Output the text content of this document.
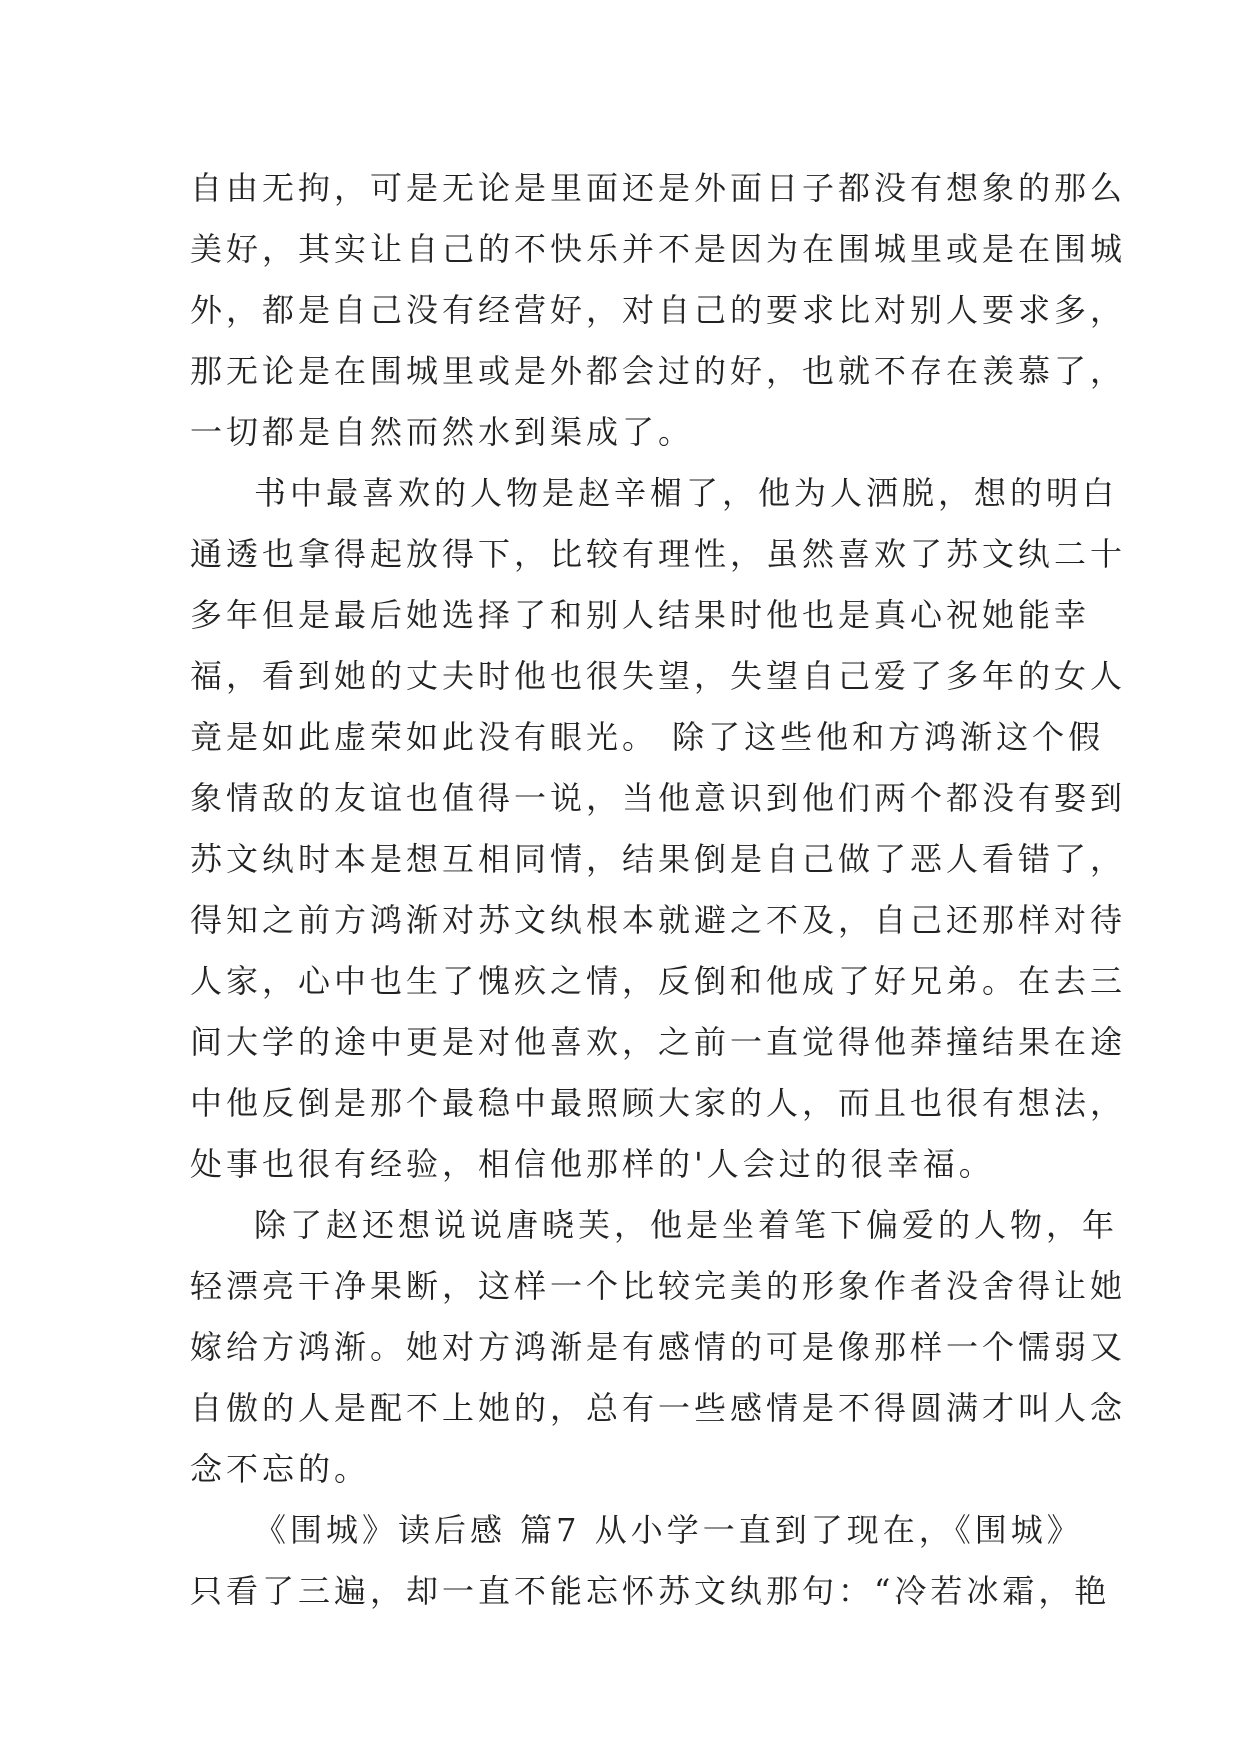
自由无拘，可是无论是里面还是外面日子都没有想象的那么
美好，其实让自己的不快乐并不是因为在围城里或是在围城
外，都是自己没有经营好，对自己的要求比对别人要求多，
那无论是在围城里或是外都会过的好，也就不存在羡慕了，
一切都是自然而然水到渠成了。
书中最喜欢的人物是赵辛楣了，他为人洒脱，想的明白
通透也拿得起放得下，比较有理性，虽然喜欢了苏文纨二十
多年但是最后她选择了和别人结果时他也是真心祝她能幸
福，看到她的丈夫时他也很失望，失望自己爱了多年的女人
竟是如此虚荣如此没有眼光。 除了这些他和方鸿渐这个假
象情敌的友谊也值得一说，当他意识到他们两个都没有娶到
苏文纨时本是想互相同情，结果倒是自己做了恶人看错了，
得知之前方鸿渐对苏文纨根本就避之不及，自己还那样对待
人家，心中也生了愧疚之情，反倒和他成了好兄弟。在去三
间大学的途中更是对他喜欢，之前一直觉得他莽撞结果在途
中他反倒是那个最稳中最照顾大家的人，而且也很有想法，
处事也很有经验，相信他那样的'人会过的很幸福。
除了赵还想说说唐晓芙，他是坐着笔下偏爱的人物，年
轻漂亮干净果断，这样一个比较完美的形象作者没舍得让她
嫁给方鸿渐。她对方鸿渐是有感情的可是像那样一个懦弱又
自傲的人是配不上她的，总有一些感情是不得圆满才叫人念
念不忘的。
《围城》读后感 篇7 从小学一直到了现在，《围城》
只看了三遍，却一直不能忘怀苏文纨那句：“冷若冰霜，艳
